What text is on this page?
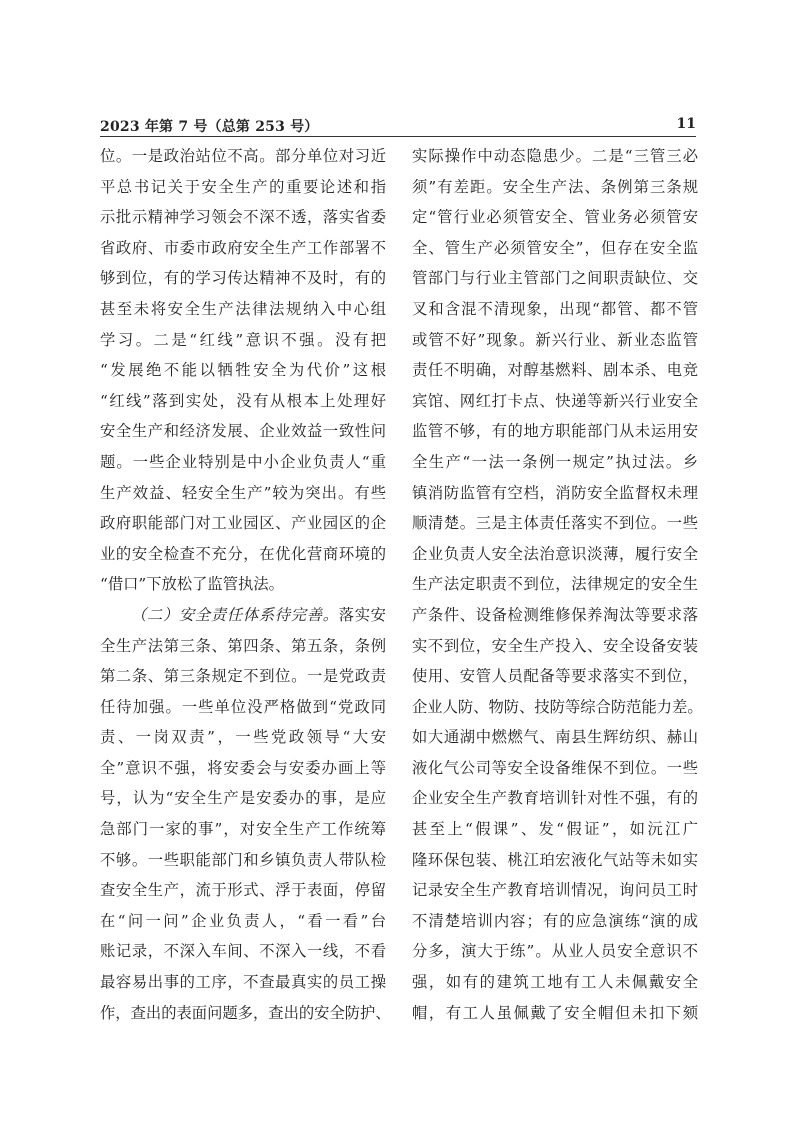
2023 年第 7 号（总第 253 号）	11
位。一是政治站位不高。部分单位对习近
平总书记关于安全生产的重要论述和指
示批示精神学习领会不深不透，落实省委
省政府、市委市政府安全生产工作部署不
够到位，有的学习传达精神不及时，有的
甚至未将安全生产法律法规纳入中心组
学习。二是“红线”意识不强。没有把
“发展绝不能以牺牲安全为代价”这根
“红线”落到实处，没有从根本上处理好
安全生产和经济发展、企业效益一致性问
题。一些企业特别是中小企业负责人“重
生产效益、轻安全生产”较为突出。有些
政府职能部门对工业园区、产业园区的企
业的安全检查不充分，在优化营商环境的
“借口”下放松了监管执法。
（二）安全责任体系待完善。落实安
全生产法第三条、第四条、第五条，条例
第二条、第三条规定不到位。一是党政责
任待加强。一些单位没严格做到“党政同
责、一岗双责”，一些党政领导“大安
全”意识不强，将安委会与安委办画上等
号，认为“安全生产是安委办的事，是应
急部门一家的事”，对安全生产工作统筹
不够。一些职能部门和乡镇负责人带队检
查安全生产，流于形式、浮于表面，停留
在“问一问”企业负责人，“看一看”台
账记录，不深入车间、不深入一线，不看
最容易出事的工序，不查最真实的员工操
作，查出的表面问题多，查出的安全防护、
实际操作中动态隐患少。二是“三管三必
须”有差距。安全生产法、条例第三条规
定“管行业必须管安全、管业务必须管安
全、管生产必须管安全”，但存在安全监
管部门与行业主管部门之间职责缺位、交
叉和含混不清现象，出现“都管、都不管
或管不好”现象。新兴行业、新业态监管
责任不明确，对醇基燃料、剧本杀、电竞
宾馆、网红打卡点、快递等新兴行业安全
监管不够，有的地方职能部门从未运用安
全生产“一法一条例一规定”执过法。乡
镇消防监管有空档，消防安全监督权未理
顺清楚。三是主体责任落实不到位。一些
企业负责人安全法治意识淡薄，履行安全
生产法定职责不到位，法律规定的安全生
产条件、设备检测维修保养淘汰等要求落
实不到位，安全生产投入、安全设备安装
使用、安管人员配备等要求落实不到位，
企业人防、物防、技防等综合防范能力差。
如大通湖中燃燃气、南县生辉纺织、赫山
液化气公司等安全设备维保不到位。一些
企业安全生产教育培训针对性不强，有的
甚至上“假课”、发“假证”，如沅江广
隆环保包装、桃江珀宏液化气站等未如实
记录安全生产教育培训情况，询问员工时
不清楚培训内容；有的应急演练“演的成
分多，演大于练”。从业人员安全意识不
强，如有的建筑工地有工人未佩戴安全
帽，有工人虽佩戴了安全帽但未扣下颏
